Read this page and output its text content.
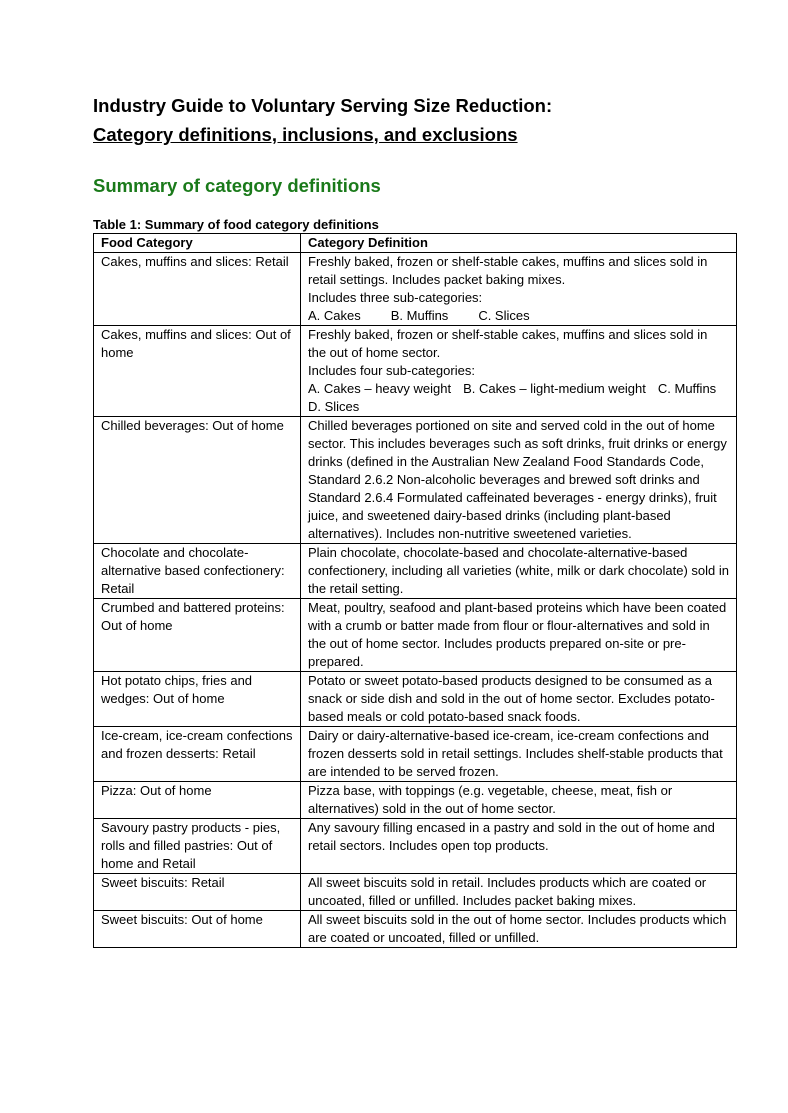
Industry Guide to Voluntary Serving Size Reduction:
Category definitions, inclusions, and exclusions
Summary of category definitions
Table 1: Summary of food category definitions
Food Category	Category Definition
Cakes, muffins and slices: Retail	Freshly baked, frozen or shelf-stable cakes, muffins and slices sold in retail settings. Includes packet baking mixes.
Includes three sub-categories:
A. Cakes B. Muffins C. Slices

Cakes, muffins and slices: Out of home	Freshly baked, frozen or shelf-stable cakes, muffins and slices sold in the out of home sector.
Includes four sub-categories:
A. Cakes – heavy weight B. Cakes – light-medium weight C. Muffins
D. Slices

Chilled beverages: Out of home	Chilled beverages portioned on site and served cold in the out of home sector. This includes beverages such as soft drinks, fruit drinks or energy drinks (defined in the Australian New Zealand Food Standards Code, Standard 2.6.2 Non-alcoholic beverages and brewed soft drinks and Standard 2.6.4 Formulated caffeinated beverages - energy drinks), fruit juice, and sweetened dairy-based drinks (including plant-based alternatives). Includes non-nutritive sweetened varieties.
Chocolate and chocolate-alternative based confectionery: Retail	Plain chocolate, chocolate-based and chocolate-alternative-based confectionery, including all varieties (white, milk or dark chocolate) sold in the retail setting.
Crumbed and battered proteins: Out of home	Meat, poultry, seafood and plant-based proteins which have been coated with a crumb or batter made from flour or flour-alternatives and sold in the out of home sector. Includes products prepared on-site or pre-prepared.
Hot potato chips, fries and wedges: Out of home	Potato or sweet potato-based products designed to be consumed as a snack or side dish and sold in the out of home sector. Excludes potato-based meals or cold potato-based snack foods.
Ice-cream, ice-cream confections and frozen desserts: Retail	Dairy or dairy-alternative-based ice-cream, ice-cream confections and frozen desserts sold in retail settings. Includes shelf-stable products that are intended to be served frozen.
Pizza: Out of home	Pizza base, with toppings (e.g. vegetable, cheese, meat, fish or alternatives) sold in the out of home sector.
Savoury pastry products - pies, rolls and filled pastries: Out of home and Retail	Any savoury filling encased in a pastry and sold in the out of home and retail sectors. Includes open top products.
Sweet biscuits: Retail	All sweet biscuits sold in retail. Includes products which are coated or uncoated, filled or unfilled. Includes packet baking mixes.
Sweet biscuits: Out of home	All sweet biscuits sold in the out of home sector. Includes products which are coated or uncoated, filled or unfilled.
